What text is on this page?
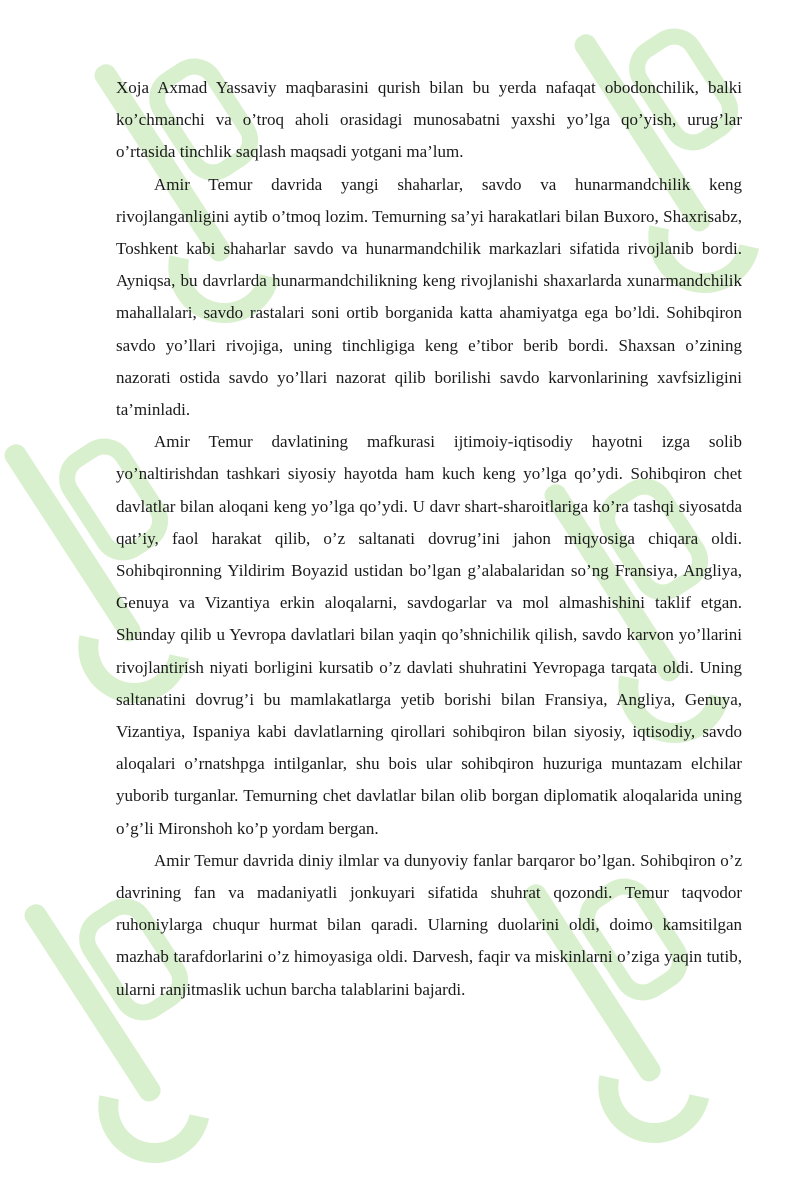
Xoja Axmad Yassaviy maqbarasini qurish bilan bu yerda nafaqat obodonchilik, balki ko’chmanchi va o’troq aholi orasidagi munosabatni yaxshi yo’lga qo’yish, urug’lar o’rtasida tinchlik saqlash maqsadi yotgani ma’lum.

Amir Temur davrida yangi shaharlar, savdo va hunarmandchilik keng rivojlanganligini aytib o’tmoq lozim. Temurning sa’yi harakatlari bilan Buxoro, Shaxrisabz, Toshkent kabi shaharlar savdo va hunarmandchilik markazlari sifatida rivojlanib bordi. Ayniqsa, bu davrlarda hunarmandchilikning keng rivojlanishi shaxarlarda xunarmandchilik mahallalari, savdo rastalari soni ortib borganida katta ahamiyatga ega bo’ldi. Sohibqiron savdo yo’llari rivojiga, uning tinchligiga keng e’tibor berib bordi. Shaxsan o’zining nazorati ostida savdo yo’llari nazorat qilib borilishi savdo karvonlarining xavfsizligini ta’minladi.

Amir Temur davlatining mafkurasi ijtimoiy-iqtisodiy hayotni izga solib yo’naltirishdan tashkari siyosiy hayotda ham kuch keng yo’lga qo’ydi. Sohibqiron chet davlatlar bilan aloqani keng yo’lga qo’ydi. U davr shart-sharoitlariga ko’ra tashqi siyosatda qat’iy, faol harakat qilib, o’z saltanati dovrug’ini jahon miqyosiga chiqara oldi. Sohibqironning Yildirim Boyazid ustidan bo’lgan g’alabalaridan so’ng Fransiya, Angliya, Genuya va Vizantiya erkin aloqalarni, savdogarlar va mol almashishini taklif etgan. Shunday qilib u Yevropa davlatlari bilan yaqin qo’shnichilik qilish, savdo karvon yo’llarini rivojlantirish niyati borligini kursatib o’z davlati shuhratini Yevropaga tarqata oldi. Uning saltanatini dovrug’i bu mamlakatlarga yetib borishi bilan Fransiya, Angliya, Genuya, Vizantiya, Ispaniya kabi davlatlarning qirollari sohibqiron bilan siyosiy, iqtisodiy, savdo aloqalari o’rnatshpga intilganlar, shu bois ular sohibqiron huzuriga muntazam elchilar yuborib turganlar. Temurning chet davlatlar bilan olib borgan diplomatik aloqalarida uning o’g’li Mironshoh ko’p yordam bergan.

Amir Temur davrida diniy ilmlar va dunyoviy fanlar barqaror bo’lgan. Sohibqiron o’z davrining fan va madaniyatli jonkuyari sifatida shuhrat qozondi. Temur taqvodor ruhoniylarga chuqur hurmat bilan qaradi. Ularning duolarini oldi, doimo kamsitilgan mazhab tarafdorlarini o’z himoyasiga oldi. Darvesh, faqir va miskinlarni o’ziga yaqin tutib, ularni ranjitmaslik uchun barcha talablarini bajardi.
